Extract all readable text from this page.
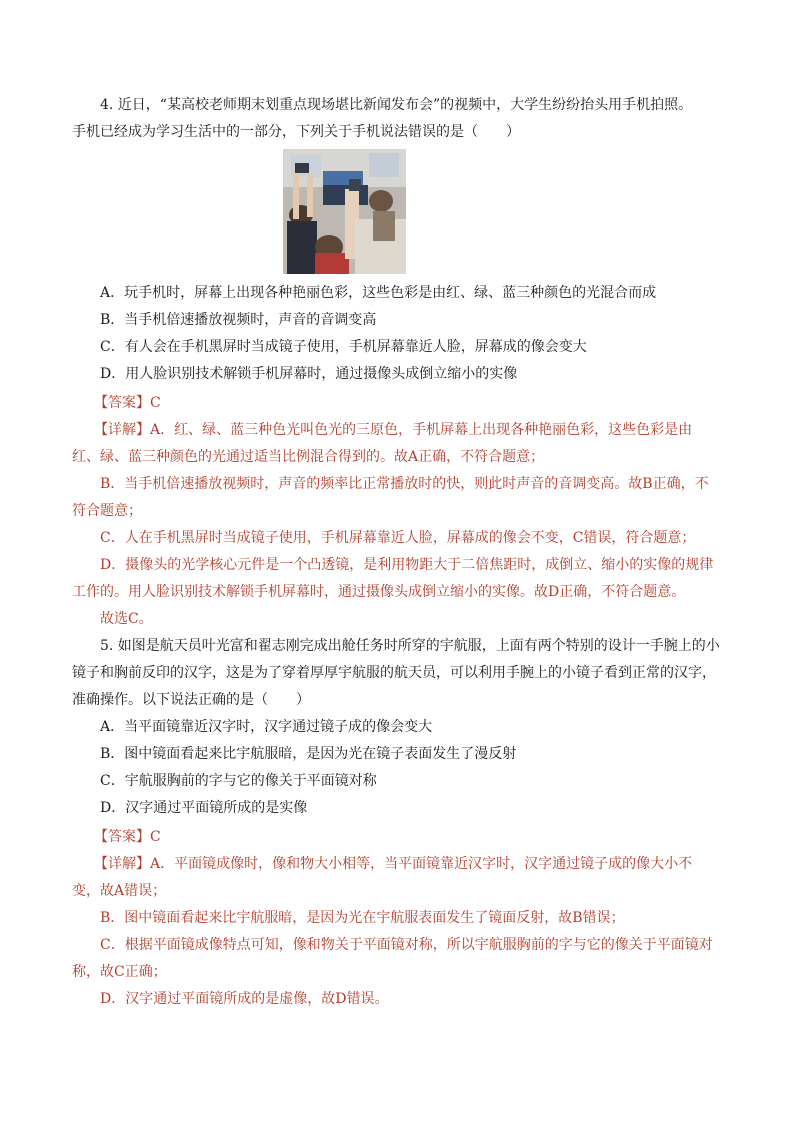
4. 近日，“某高校老师期末划重点现场堪比新闻发布会”的视频中，大学生纷纷抬头用手机拍照。
手机已经成为学习生活中的一部分，下列关于手机说法错误的是（　　）
A．玩手机时，屏幕上出现各种艳丽色彩，这些色彩是由红、绿、蓝三种颜色的光混合而成
B．当手机倍速播放视频时，声音的音调变高
C．有人会在手机黑屏时当成镜子使用，手机屏幕靠近人脸，屏幕成的像会变大
D．用人脸识别技术解锁手机屏幕时，通过摄像头成倒立缩小的实像
【答案】C
【详解】A．红、绿、蓝三种色光叫色光的三原色，手机屏幕上出现各种艳丽色彩，这些色彩是由
红、绿、蓝三种颜色的光通过适当比例混合得到的。故A正确，不符合题意；
B．当手机倍速播放视频时，声音的频率比正常播放时的快，则此时声音的音调变高。故B正确，不
符合题意；
C．人在手机黑屏时当成镜子使用，手机屏幕靠近人脸，屏幕成的像会不变，C错误，符合题意；
D．摄像头的光学核心元件是一个凸透镜，是利用物距大于二倍焦距时，成倒立、缩小的实像的规律
工作的。用人脸识别技术解锁手机屏幕时，通过摄像头成倒立缩小的实像。故D正确，不符合题意。
故选C。
5. 如图是航天员叶光富和翟志刚完成出舱任务时所穿的宇航服，上面有两个特别的设计一手腕上的小
镜子和胸前反印的汉字，这是为了穿着厚厚宇航服的航天员，可以利用手腕上的小镜子看到正常的汉字，
准确操作。以下说法正确的是（　　）
A．当平面镜靠近汉字时，汉字通过镜子成的像会变大
B．图中镜面看起来比宇航服暗，是因为光在镜子表面发生了漫反射
C．宇航服胸前的字与它的像关于平面镜对称
D．汉字通过平面镜所成的是实像
【答案】C
【详解】A．平面镜成像时，像和物大小相等，当平面镜靠近汉字时，汉字通过镜子成的像大小不
变，故A错误；
B．图中镜面看起来比宇航服暗，是因为光在宇航服表面发生了镜面反射，故B错误；
C．根据平面镜成像特点可知，像和物关于平面镜对称，所以宇航服胸前的字与它的像关于平面镜对
称，故C正确；
D．汉字通过平面镜所成的是虚像，故D错误。
